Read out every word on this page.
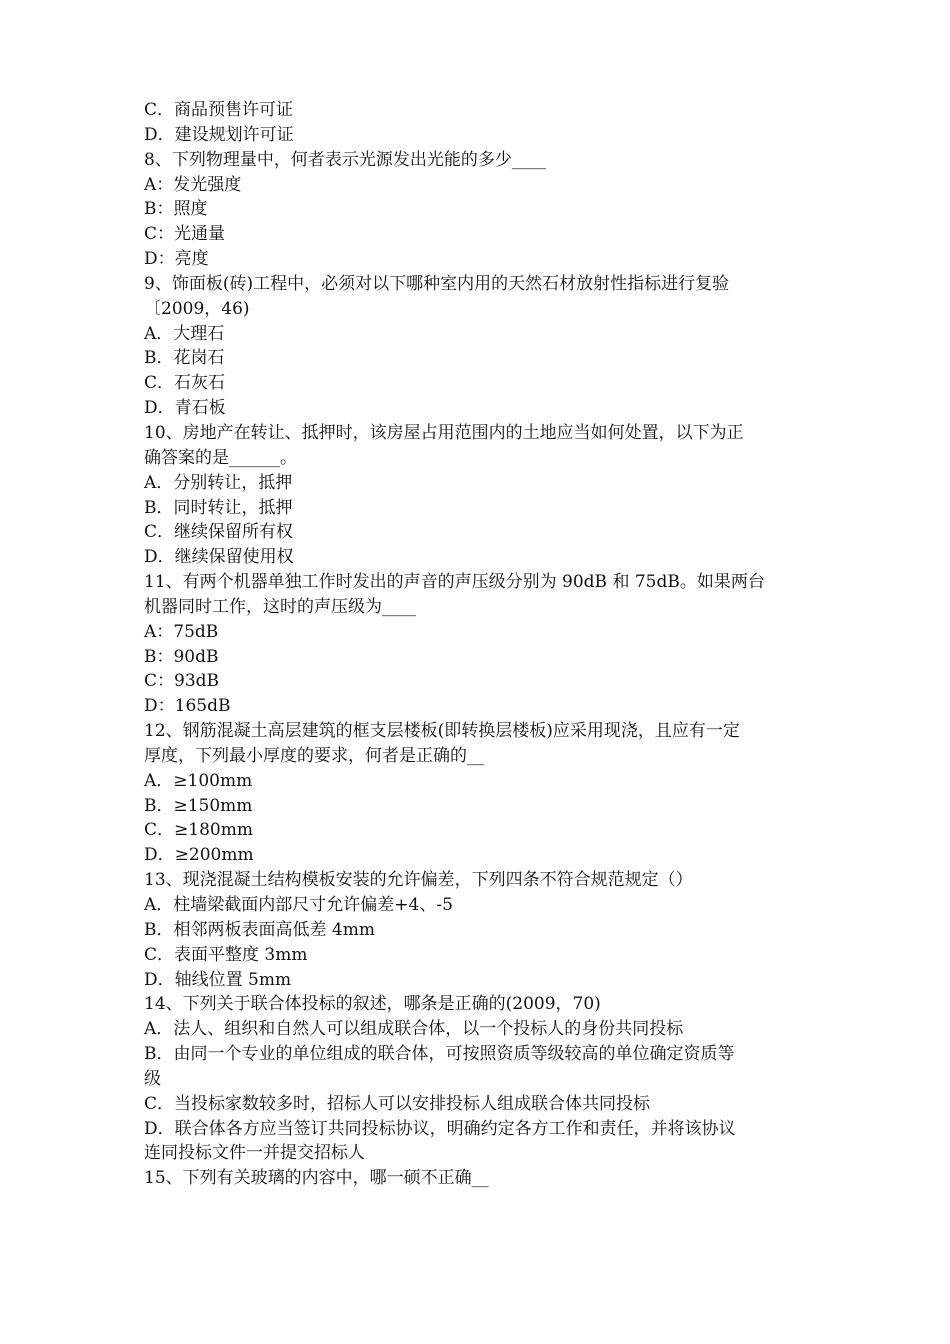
C．商品预售许可证
D．建设规划许可证
8、下列物理量中，何者表示光源发出光能的多少____
A：发光强度
B：照度
C：光通量
D：亮度
9、饰面板(砖)工程中，必须对以下哪种室内用的天然石材放射性指标进行复验
〔2009，46)
A．大理石
B．花岗石
C．石灰石
D．青石板
10、房地产在转让、抵押时，该房屋占用范围内的土地应当如何处置，以下为正
确答案的是______。
A．分别转让，抵押
B．同时转让，抵押
C．继续保留所有权
D．继续保留使用权
11、有两个机器单独工作时发出的声音的声压级分别为 90dB 和 75dB。如果两台
机器同时工作，这时的声压级为____
A：75dB
B：90dB
C：93dB
D：165dB
12、钢筋混凝土高层建筑的框支层楼板(即转换层楼板)应采用现浇，且应有一定
厚度，下列最小厚度的要求，何者是正确的__
A．≥100mm
B．≥150mm
C．≥180mm
D．≥200mm
13、现浇混凝土结构模板安装的允许偏差，下列四条不符合规范规定（）
A．柱墙梁截面内部尺寸允许偏差+4、-5
B．相邻两板表面高低差 4mm
C．表面平整度 3mm
D．轴线位置 5mm
14、下列关于联合体投标的叙述，哪条是正确的(2009，70)
A．法人、组织和自然人可以组成联合体，以一个投标人的身份共同投标
B．由同一个专业的单位组成的联合体，可按照资质等级较高的单位确定资质等
级
C．当投标家数较多时，招标人可以安排投标人组成联合体共同投标
D．联合体各方应当签订共同投标协议，明确约定各方工作和责任，并将该协议
连同投标文件一并提交招标人
15、下列有关玻璃的内容中，哪一硕不正确__
